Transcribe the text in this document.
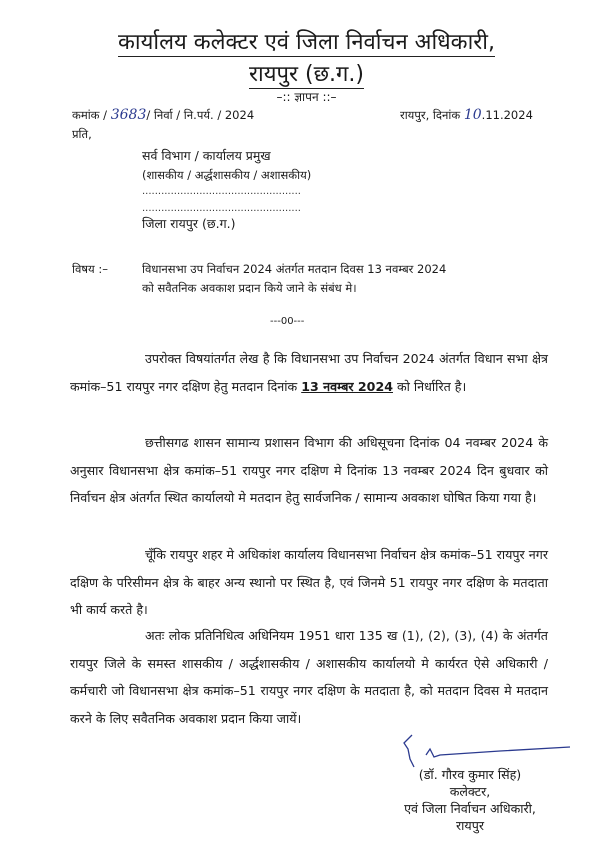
कार्यालय कलेक्टर एवं जिला निर्वाचन अधिकारी,
रायपुर (छ.ग.)
–:: ज्ञापन ::–
कमांक / 3683/ निर्वा / नि.पर्य. / 2024	रायपुर, दिनांक 10.11.2024
प्रति,
सर्व विभाग / कार्यालय प्रमुख
(शासकीय / अर्द्धशासकीय / अशासकीय)
..................................................
..................................................
जिला रायपुर (छ.ग.)
विषय :–	विधानसभा उप निर्वाचन 2024 अंतर्गत मतदान दिवस 13 नवम्बर 2024
को सवैतनिक अवकाश प्रदान किये जाने के संबंध मे।
---00---
उपरोक्त विषयांतर्गत लेख है कि विधानसभा उप निर्वाचन 2024 अंतर्गत विधान सभा क्षेत्र कमांक–51 रायपुर नगर दक्षिण हेतु मतदान दिनांक 13 नवम्बर 2024 को निर्धारित है।
छत्तीसगढ शासन सामान्य प्रशासन विभाग की अधिसूचना दिनांक 04 नवम्बर 2024 के अनुसार विधानसभा क्षेत्र कमांक–51 रायपुर नगर दक्षिण मे दिनांक 13 नवम्बर 2024 दिन बुधवार को निर्वाचन क्षेत्र अंतर्गत स्थित कार्यालयो मे मतदान हेतु सार्वजनिक / सामान्य अवकाश घोषित किया गया है।
चूँकि रायपुर शहर मे अधिकांश कार्यालय विधानसभा निर्वाचन क्षेत्र कमांक–51 रायपुर नगर दक्षिण के परिसीमन क्षेत्र के बाहर अन्य स्थानो पर स्थित है, एवं जिनमे 51 रायपुर नगर दक्षिण के मतदाता भी कार्य करते है।
अतः लोक प्रतिनिधित्व अधिनियम 1951 धारा 135 ख (1), (2), (3), (4) के अंतर्गत रायपुर जिले के समस्त शासकीय / अर्द्धशासकीय / अशासकीय कार्यालयो मे कार्यरत ऐसे अधिकारी / कर्मचारी जो विधानसभा क्षेत्र कमांक–51 रायपुर नगर दक्षिण के मतदाता है, को मतदान दिवस मे मतदान करने के लिए सवैतनिक अवकाश प्रदान किया जायें।
(डॉ. गौरव कुमार सिंह)
कलेक्टर,
एवं जिला निर्वाचन अधिकारी,
रायपुर
